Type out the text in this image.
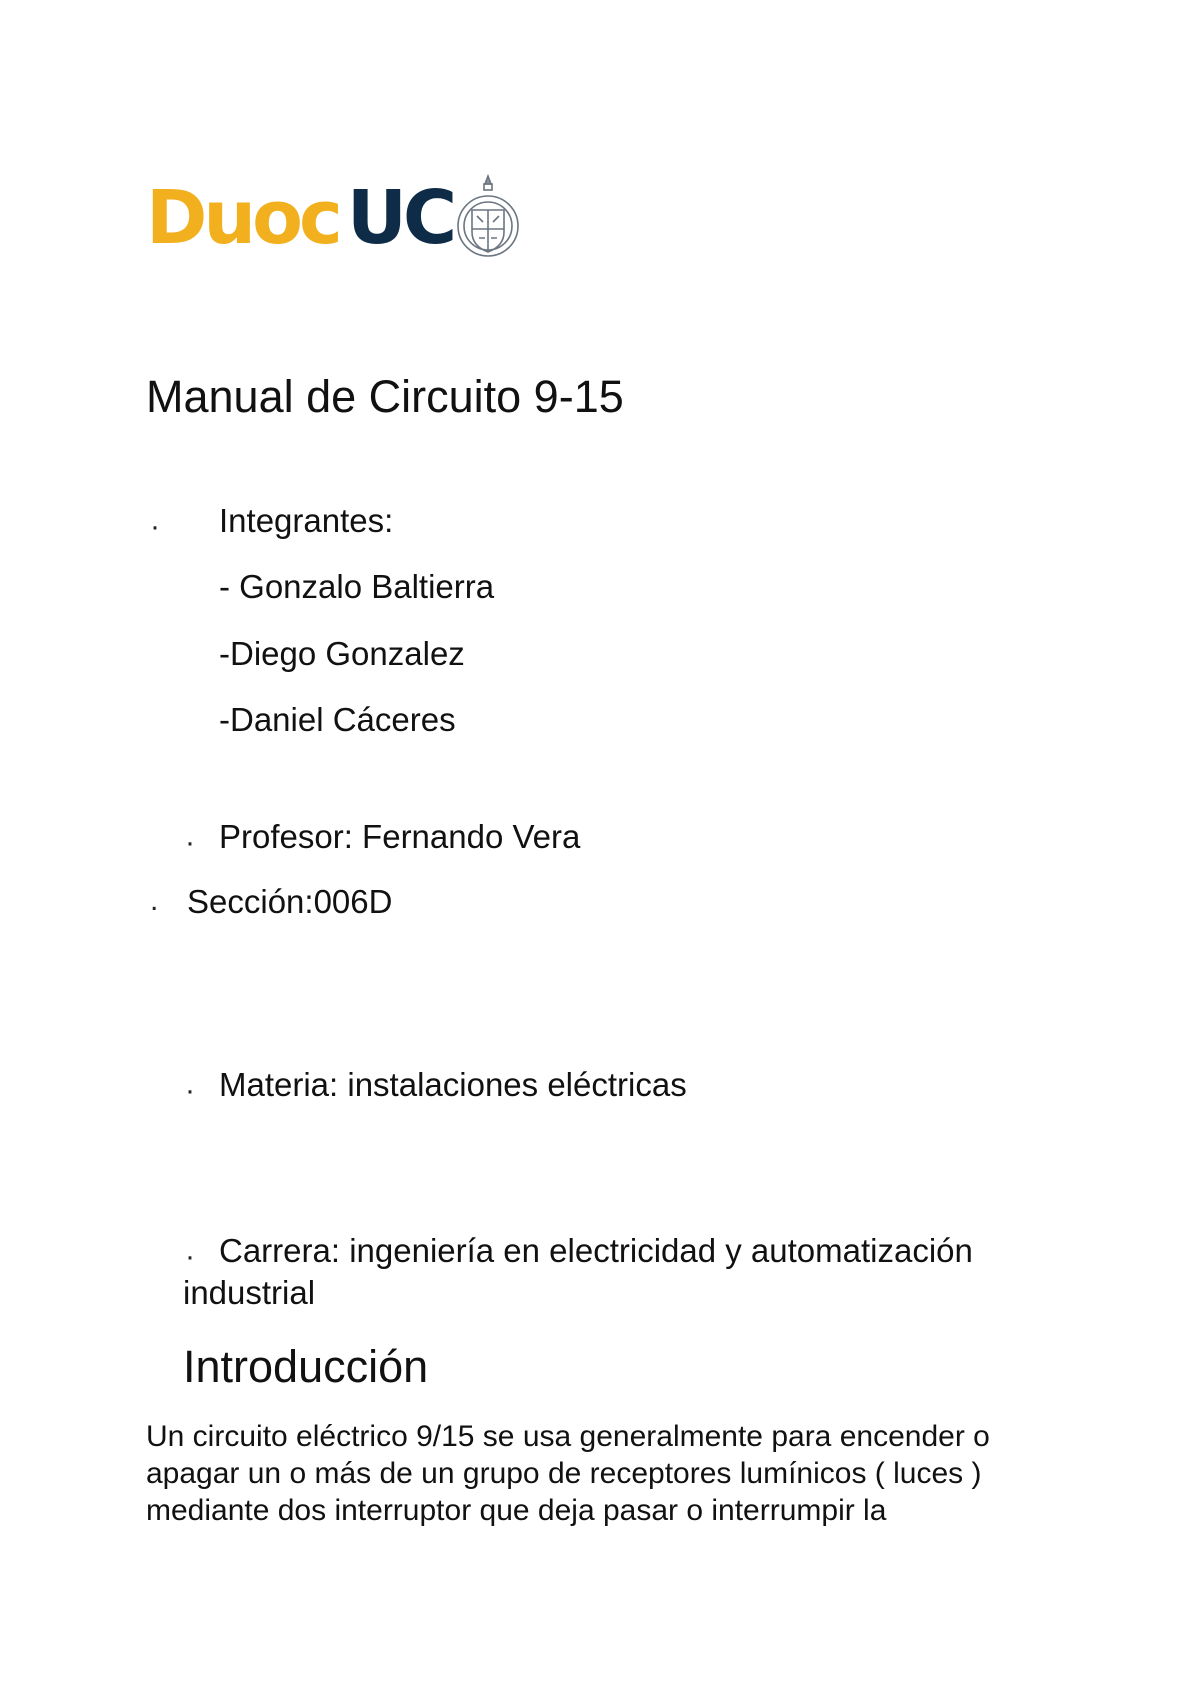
Duoc UC
Manual de Circuito 9-15
· Integrantes:
- Gonzalo Baltierra
-Diego Gonzalez
-Daniel Cáceres
· Profesor: Fernando Vera
. Sección:006D
· Materia: instalaciones eléctricas
· Carrera: ingeniería en electricidad y automatización
industrial
Introducción
Un circuito eléctrico 9/15 se usa generalmente para encender o
apagar un o más de un grupo de receptores lumínicos ( luces )
mediante dos interruptor que deja pasar o interrumpir la
